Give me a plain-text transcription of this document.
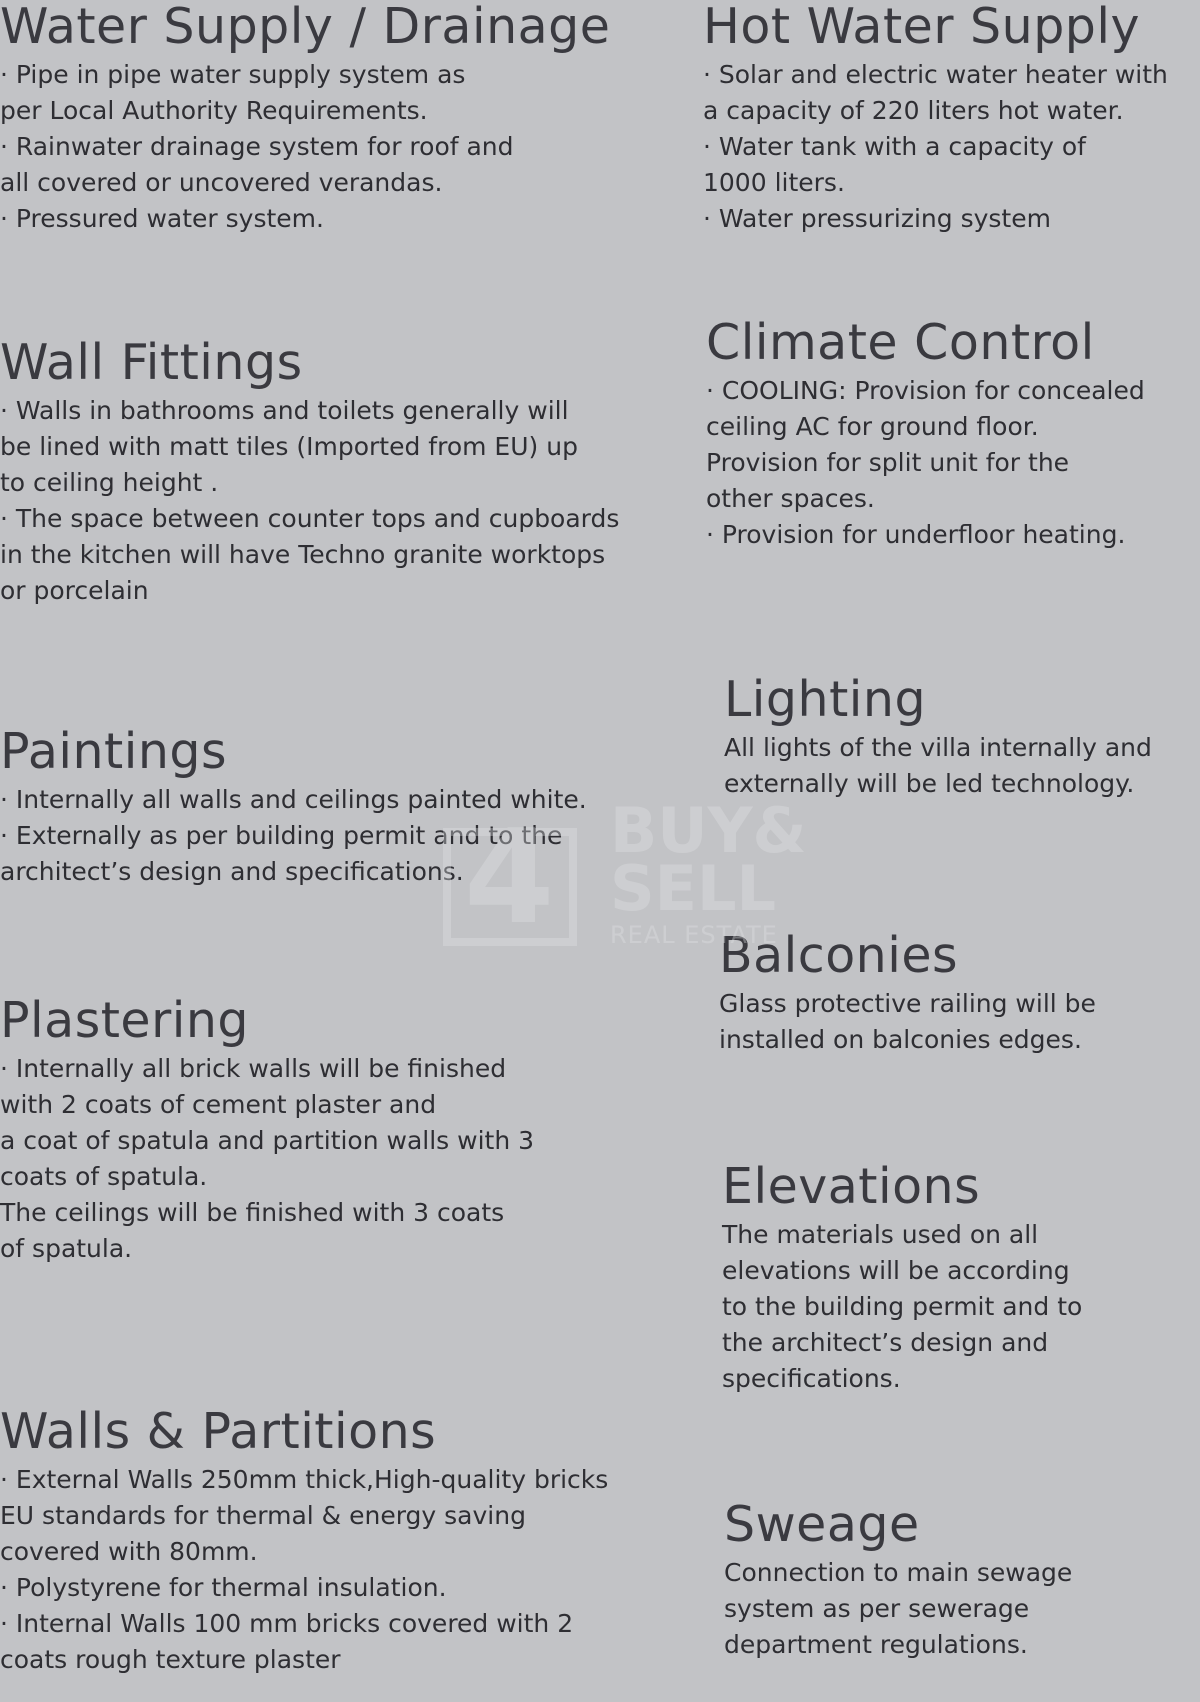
Water Supply / Drainage

· Pipe in pipe water supply system as

per Local Authority Requirements.

· Rainwater drainage system for roof and

all covered or uncovered verandas.

· Pressured water system.

Wall Fittings

· Walls in bathrooms and toilets generally will

be lined with matt tiles (Imported from EU) up

to ceiling height .

· The space between counter tops and cupboards

in the kitchen will have Techno granite worktops

or porcelain

Paintings

· Internally all walls and ceilings painted white.

· Externally as per building permit and to the

architect’s design and specifications.

Plastering

· Internally all brick walls will be finished

with 2 coats of cement plaster and

a coat of spatula and partition walls with 3

coats of spatula.

The ceilings will be finished with 3 coats

of spatula.

Walls & Partitions

· External Walls 250mm thick,High-quality bricks

EU standards for thermal & energy saving

covered with 80mm.

· Polystyrene for thermal insulation.

· Internal Walls 100 mm bricks covered with 2

coats rough texture plaster

Hot Water Supply

· Solar and electric water heater with

a capacity of 220 liters hot water.

· Water tank with a capacity of

1000 liters.

· Water pressurizing system

Climate Control

· COOLING: Provision for concealed

ceiling AC for ground floor.

Provision for split unit for the

other spaces.

· Provision for underfloor heating.

Lighting

All lights of the villa internally and

externally will be led technology.

Balconies

Glass protective railing will be

installed on balconies edges.

Elevations

The materials used on all

elevations will be according

to the building permit and to

the architect’s design and

specifications.

Sweage

Connection to main sewage

system as per sewerage

department regulations.

4 BUY&
SELL
REAL ESTATE
